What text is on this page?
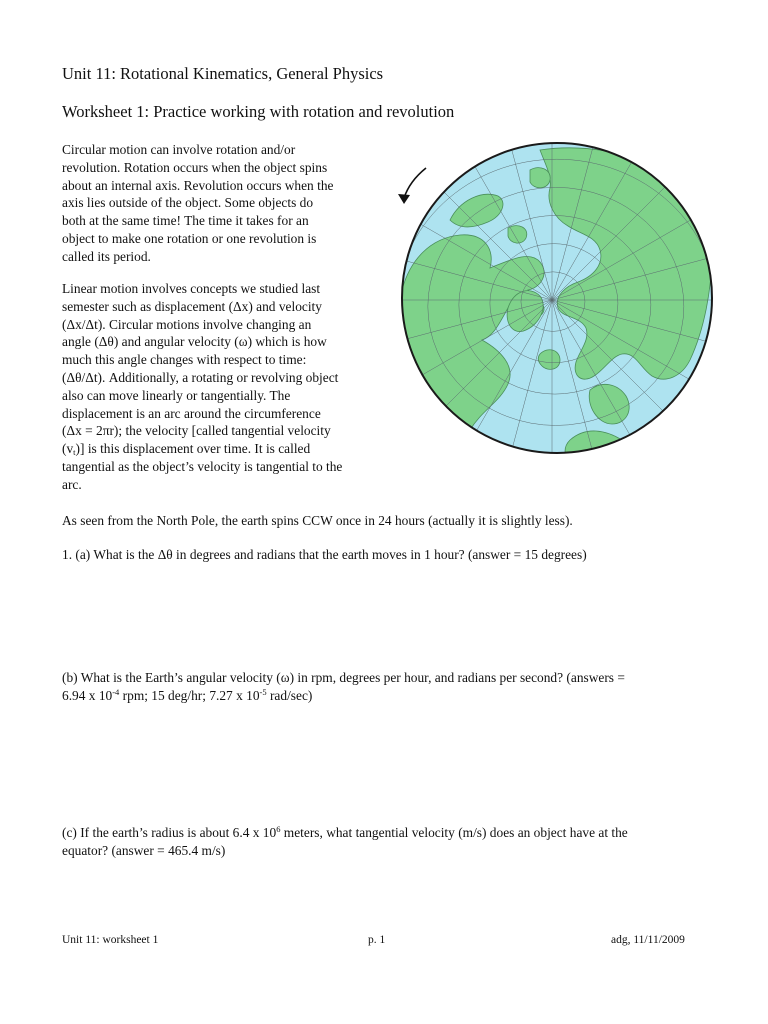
Unit 11: Rotational Kinematics, General Physics
Worksheet 1: Practice working with rotation and revolution

Circular motion can involve rotation and/or

revolution. Rotation occurs when the object spins

about an internal axis. Revolution occurs when the

axis lies outside of the object. Some objects do

both at the same time! The time it takes for an

object to make one rotation or one revolution is

called its period.

Linear motion involves concepts we studied last

semester such as displacement (Δx) and velocity

(Δx/Δt). Circular motions involve changing an

angle (Δθ) and angular velocity (ω) which is how

much this angle changes with respect to time:

(Δθ/Δt). Additionally, a rotating or revolving object

also can move linearly or tangentially. The

displacement is an arc around the circumference

(Δx = 2πr); the velocity [called tangential velocity

$(v_t)$] is this displacement over time. It is called

tangential as the object’s velocity is tangential to the

arc.

As seen from the North Pole, the earth spins CCW once in 24 hours (actually it is slightly less).
1. (a) What is the Δθ in degrees and radians that the earth moves in 1 hour? (answer = 15 degrees)
(b) What is the Earth’s angular velocity (ω) in rpm, degrees per hour, and radians per second? (answers =
6.94 x $10^{-4}$ rpm; 15 deg/hr; 7.27 x $10^{-5}$ rad/sec)
(c) If the earth’s radius is about 6.4 x $10^6$ meters, what tangential velocity (m/s) does an object have at the
equator? (answer = 465.4 m/s)
Unit 11: worksheet 1	p. 1	adg, 11/11/2009
